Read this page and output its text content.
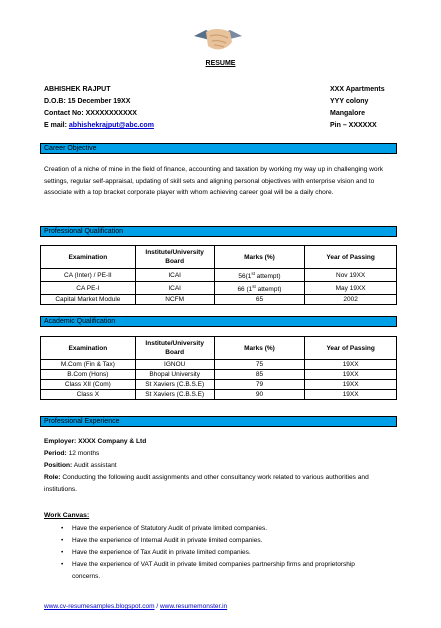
RESUME
ABHISHEK RAJPUT
D.O.B: 15 December 19XX
Contact No: XXXXXXXXXXX
E mail: abhishekrajput@abc.com
XXX Apartments
YYY colony
Mangalore
Pin – XXXXXX
Career Objective
Creation of a niche of mine in the field of finance, accounting and taxation by working my way up in challenging work settings, regular self-appraisal, updating of skill sets and aligning personal objectives with enterprise vision and to associate with a top bracket corporate player with whom achieving career goal will be a daily chore.
Professional Qualification
Examination	Institute/University Board	Marks (%)	Year of Passing
CA (Inter) / PE-II	ICAI	56(1st attempt)	Nov 19XX
CA PE-I	ICAI	66 (1st attempt)	May 19XX
Capital Market Module	NCFM	65	2002
Academic Qualification
Examination	Institute/University Board	Marks (%)	Year of Passing
M.Com (Fin & Tax)	IGNOU	75	19XX
B.Com (Hons)	Bhopal University	85	19XX
Class XII (Com)	St Xaviers (C.B.S.E)	79	19XX
Class X	St Xaviers (C.B.S.E)	90	19XX
Professional Experience
Employer: XXXX Company & Ltd
Period: 12 months
Position: Audit assistant
Role: Conducting the following audit assignments and other consultancy work related to various authorities and institutions.
Work Canvas:
• Have the experience of Statutory Audit of private limited companies.
• Have the experience of Internal Audit in private limited companies.
• Have the experience of Tax Audit in private limited companies.
• Have the experience of VAT Audit in private limited companies partnership firms and proprietorship concerns.
www.cv-resumesamples.blogspot.com / www.resumemonster.in
